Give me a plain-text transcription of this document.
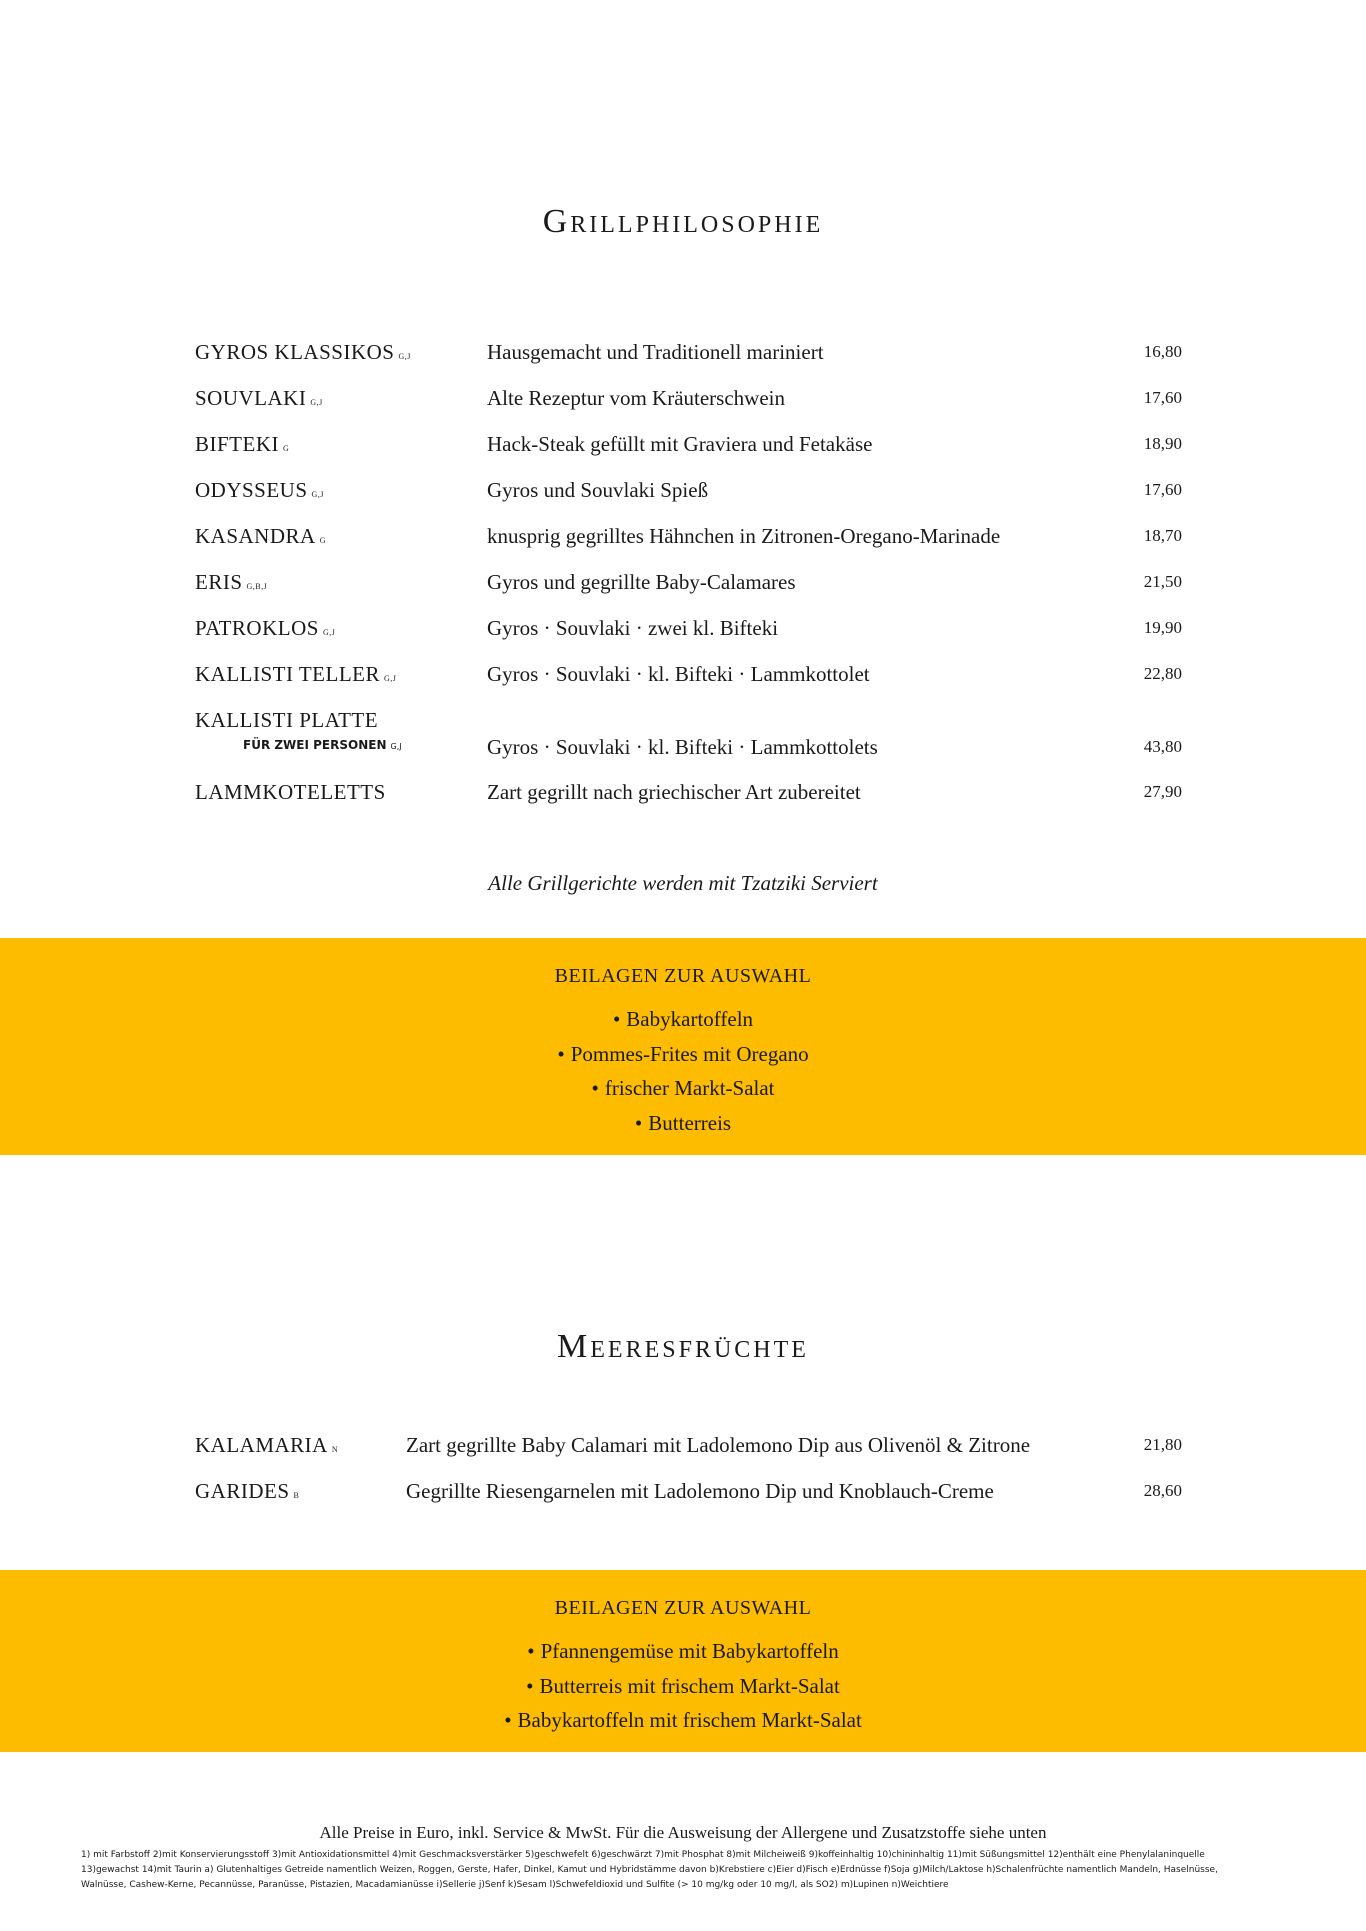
Grillphilosophie
GYROS KLASSIKOS G,J	Hausgemacht und Traditionell mariniert	16,80
SOUVLAKI G,J	Alte Rezeptur vom Kräuterschwein	17,60
BIFTEKI G	Hack-Steak gefüllt mit Graviera und Fetakäse	18,90
ODYSSEUS G,J	Gyros und Souvlaki Spieß	17,60
KASANDRA G	knusprig gegrilltes Hähnchen in Zitronen-Oregano-Marinade	18,70
ERIS G,B,J	Gyros und gegrillte Baby-Calamares	21,50
PATROKLOS G,J	Gyros · Souvlaki · zwei kl. Bifteki	19,90
KALLISTI TELLER G,J	Gyros · Souvlaki · kl. Bifteki · Lammkottolet	22,80
KALLISTI PLATTE
FÜR ZWEI PERSONEN G,J	Gyros · Souvlaki · kl. Bifteki · Lammkottolets	43,80
LAMMKOTELETTS	Zart gegrillt nach griechischer Art zubereitet	27,90
Alle Grillgerichte werden mit Tzatziki Serviert
BEILAGEN ZUR AUSWAHL
• Babykartoffeln
• Pommes-Frites mit Oregano
• frischer Markt-Salat
• Butterreis
Meeresfrüchte
KALAMARIA N	Zart gegrillte Baby Calamari mit Ladolemono Dip aus Olivenöl & Zitrone	21,80
GARIDES B	Gegrillte Riesengarnelen mit Ladolemono Dip und Knoblauch-Creme	28,60
BEILAGEN ZUR AUSWAHL
• Pfannengemüse mit Babykartoffeln
• Butterreis mit frischem Markt-Salat
• Babykartoffeln mit frischem Markt-Salat
Alle Preise in Euro, inkl. Service & MwSt. Für die Ausweisung der Allergene und Zusatzstoffe siehe unten
1) mit Farbstoff 2)mit Konservierungsstoff 3)mit Antioxidationsmittel 4)mit Geschmacksverstärker 5)geschwefelt 6)geschwärzt 7)mit Phosphat 8)mit Milcheiweiß 9)koffeinhaltig 10)chininhaltig 11)mit Süßungsmittel 12)enthält eine Phenylalaninquelle 13)gewachst 14)mit Taurin a) Glutenhaltiges Getreide namentlich Weizen, Roggen, Gerste, Hafer, Dinkel, Kamut und Hybridstämme davon b)Krebstiere c)Eier d)Fisch e)Erdnüsse f)Soja g)Milch/Laktose h)Schalenfrüchte namentlich Mandeln, Haselnüsse, Walnüsse, Cashew-Kerne, Pecannüsse, Paranüsse, Pistazien, Macadamianüsse i)Sellerie j)Senf k)Sesam l)Schwefeldioxid und Sulfite (> 10 mg/kg oder 10 mg/l, als SO2) m)Lupinen n)Weichtiere
